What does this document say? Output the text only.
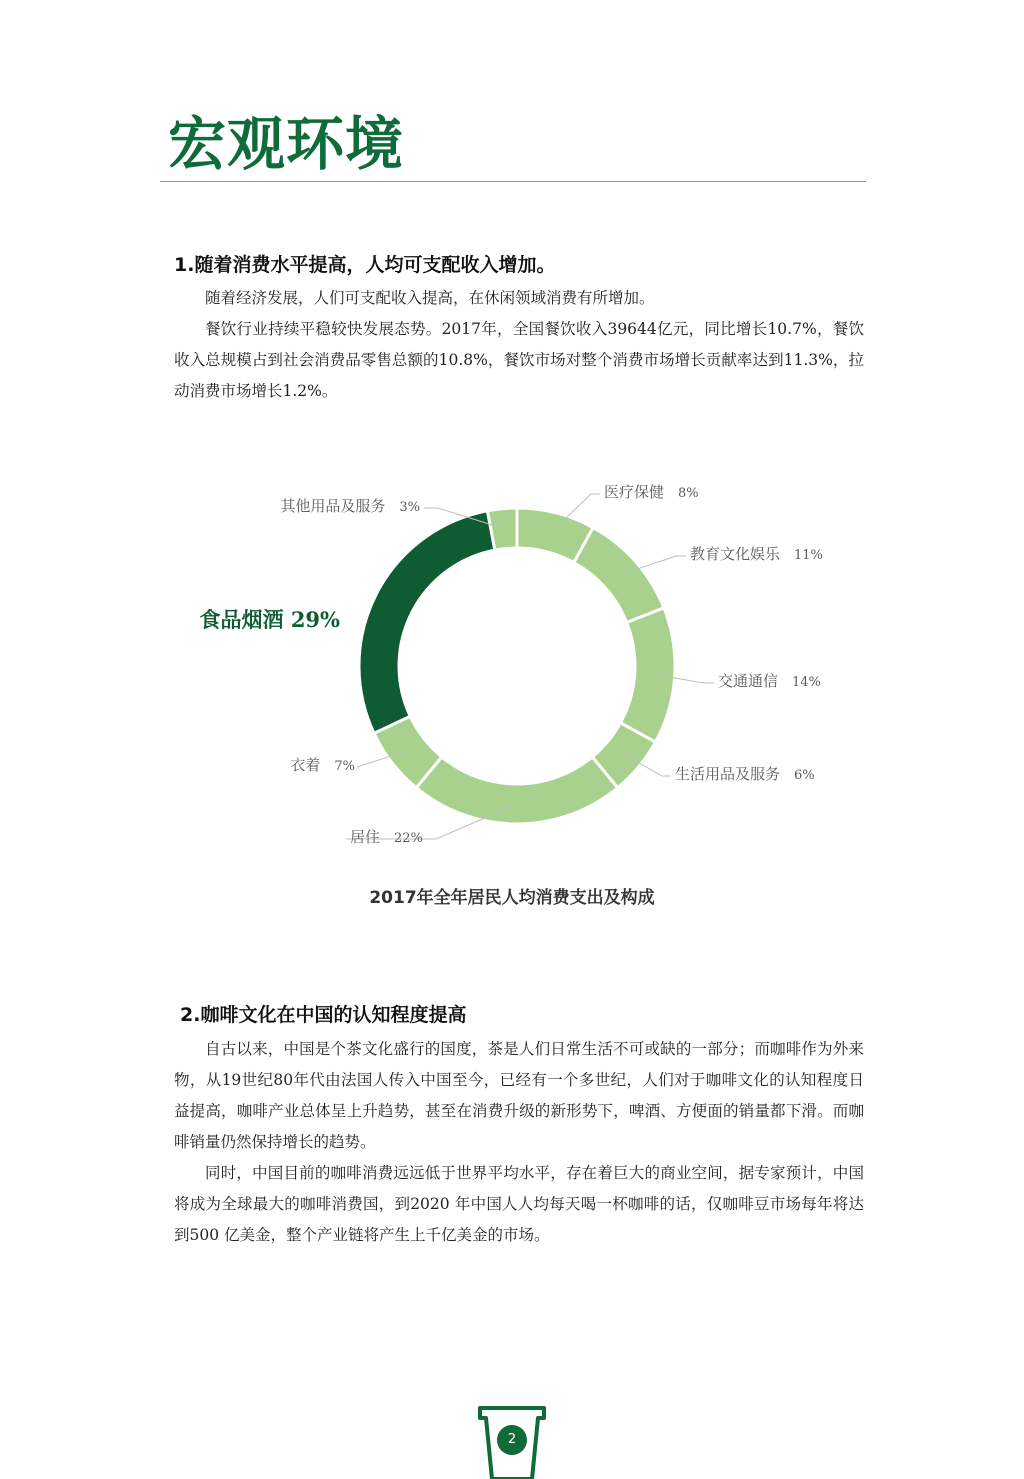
宏观环境
1.随着消费水平提高，人均可支配收入增加。

随着经济发展，人们可支配收入提高，在休闲领域消费有所增加。

餐饮行业持续平稳较快发展态势。2017年，全国餐饮收入39644亿元，同比增长10.7%，餐饮收入总规模占到社会消费品零售总额的10.8%，餐饮市场对整个消费市场增长贡献率达到11.3%，拉动消费市场增长1.2%。

医疗保健 8%
教育文化娱乐 11%
交通通信 14%
生活用品及服务 6%
居住 22%
衣着 7%
食品烟酒 29%
其他用品及服务 3%

2017年全年居民人均消费支出及构成

2.咖啡文化在中国的认知程度提高

自古以来，中国是个茶文化盛行的国度，茶是人们日常生活不可或缺的一部分；而咖啡作为外来物，从19世纪80年代由法国人传入中国至今，已经有一个多世纪，人们对于咖啡文化的认知程度日益提高，咖啡产业总体呈上升趋势，甚至在消费升级的新形势下，啤酒、方便面的销量都下滑。而咖啡销量仍然保持增长的趋势。

同时，中国目前的咖啡消费远远低于世界平均水平，存在着巨大的商业空间，据专家预计，中国将成为全球最大的咖啡消费国，到2020 年中国人人均每天喝一杯咖啡的话，仅咖啡豆市场每年将达到500 亿美金，整个产业链将产生上千亿美金的市场。

2
